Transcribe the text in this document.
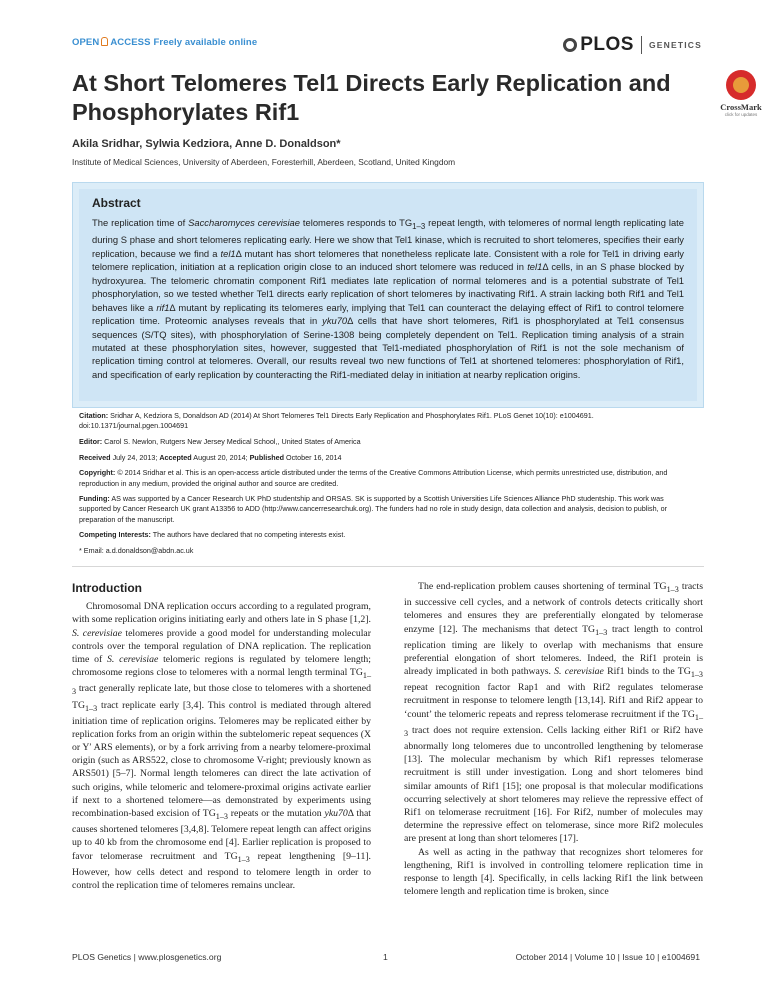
OPEN ACCESS Freely available online	PLOS GENETICS
At Short Telomeres Tel1 Directs Early Replication and Phosphorylates Rif1	CrossMark
click for updates
Akila Sridhar, Sylwia Kedziora, Anne D. Donaldson*
Institute of Medical Sciences, University of Aberdeen, Foresterhill, Aberdeen, Scotland, United Kingdom
Abstract
The replication time of Saccharomyces cerevisiae telomeres responds to $TG_{1-3}$ repeat length, with telomeres of normal length replicating late during S phase and short telomeres replicating early. Here we show that Tel1 kinase, which is recruited to short telomeres, specifies their early replication, because we find a tel1Δ mutant has short telomeres that nonetheless replicate late. Consistent with a role for Tel1 in driving early telomere replication, initiation at a replication origin close to an induced short telomere was reduced in tel1Δ cells, in an S phase blocked by hydroxyurea. The telomeric chromatin component Rif1 mediates late replication of normal telomeres and is a potential substrate of Tel1 phosphorylation, so we tested whether Tel1 directs early replication of short telomeres by inactivating Rif1. A strain lacking both Rif1 and Tel1 behaves like a rif1Δ mutant by replicating its telomeres early, implying that Tel1 can counteract the delaying effect of Rif1 to control telomere replication time. Proteomic analyses reveals that in yku70Δ cells that have short telomeres, Rif1 is phosphorylated at Tel1 consensus sequences (S/TQ sites), with phosphorylation of Serine-1308 being completely dependent on Tel1. Replication timing analysis of a strain mutated at these phosphorylation sites, however, suggested that Tel1-mediated phosphorylation of Rif1 is not the sole mechanism of replication timing control at telomeres. Overall, our results reveal two new functions of Tel1 at shortened telomeres: phosphorylation of Rif1, and specification of early replication by counteracting the Rif1-mediated delay in initiation at nearby replication origins.

Citation: Sridhar A, Kedziora S, Donaldson AD (2014) At Short Telomeres Tel1 Directs Early Replication and Phosphorylates Rif1. PLoS Genet 10(10): e1004691. doi:10.1371/journal.pgen.1004691

Editor: Carol S. Newlon, Rutgers New Jersey Medical School,, United States of America

Received July 24, 2013; Accepted August 20, 2014; Published October 16, 2014

Copyright: © 2014 Sridhar et al. This is an open-access article distributed under the terms of the Creative Commons Attribution License, which permits unrestricted use, distribution, and reproduction in any medium, provided the original author and source are credited.

Funding: AS was supported by a Cancer Research UK PhD studentship and ORSAS. SK is supported by a Scottish Universities Life Sciences Alliance PhD studentship. This work was supported by Cancer Research UK grant A13356 to ADD (http://www.cancerresearchuk.org). The funders had no role in study design, data collection and analysis, decision to publish, or preparation of the manuscript.

Competing Interests: The authors have declared that no competing interests exist.

* Email: a.d.donaldson@abdn.ac.uk

Introduction

Chromosomal DNA replication occurs according to a regulated program, with some replication origins initiating early and others late in S phase [1,2]. S. cerevisiae telomeres provide a good model for understanding molecular controls over the temporal regulation of DNA replication. The replication time of S. cerevisiae telomeric regions is regulated by telomere length; chromosome regions close to telomeres with a normal length terminal $TG_{1-3}$ tract generally replicate late, but those close to telomeres with a shortened $TG_{1-3}$ tract replicate early [3,4]. This control is mediated through altered initiation time of replication origins. Telomeres may be replicated either by replication forks from an origin within the subtelomeric repeat sequences (X or Y′ ARS elements), or by a fork arriving from a nearby telomere-proximal origin (such as ARS522, close to chromosome V-right; previously known as ARS501) [5–7]. Normal length telomeres can direct the late activation of such origins, while telomeric and telomere-proximal origins activate earlier if next to a shortened telomere—as demonstrated by experiments using recombination-based excision of $TG_{1-3}$ repeats or the mutation yku70Δ that causes shortened telomeres [3,4,8]. Telomere repeat length can affect origins up to 40 kb from the chromosome end [4]. Earlier replication is proposed to favor telomerase recruitment and $TG_{1-3}$ repeat lengthening [9–11]. However, how cells detect and respond to telomere length in order to control the replication time of telomeres remains unclear.

The end-replication problem causes shortening of terminal $TG_{1-3}$ tracts in successive cell cycles, and a network of controls detects critically short telomeres and ensures they are preferentially elongated by telomerase enzyme [12]. The mechanisms that detect $TG_{1-3}$ tract length to control replication timing are likely to overlap with mechanisms that ensure preferential elongation of short telomeres. Indeed, the Rif1 protein is already implicated in both pathways. S. cerevisiae Rif1 binds to the $TG_{1-3}$ repeat recognition factor Rap1 and with Rif2 regulates telomerase recruitment in response to telomere length [13,14]. Rif1 and Rif2 appear to ‘count’ the telomeric repeats and repress telomerase recruitment if the $TG_{1-3}$ tract does not require extension. Cells lacking either Rif1 or Rif2 have abnormally long telomeres due to uncontrolled lengthening by telomerase [13]. The molecular mechanism by which Rif1 represses telomerase recruitment is still under investigation. Long and short telomeres bind similar amounts of Rif1 [15]; one proposal is that molecular modifications occurring selectively at short telomeres may relieve the repressive effect of Rif1 on telomerase recruitment [16]. For Rif2, number of molecules may determine the repressive effect on telomerase, since more Rif2 molecules are present at long than short telomeres [17].

As well as acting in the pathway that recognizes short telomeres for lengthening, Rif1 is involved in controlling telomere replication time in response to length [4]. Specifically, in cells lacking Rif1 the link between telomere length and replication time is broken, since

PLOS Genetics | www.plosgenetics.org	1	October 2014 | Volume 10 | Issue 10 | e1004691
